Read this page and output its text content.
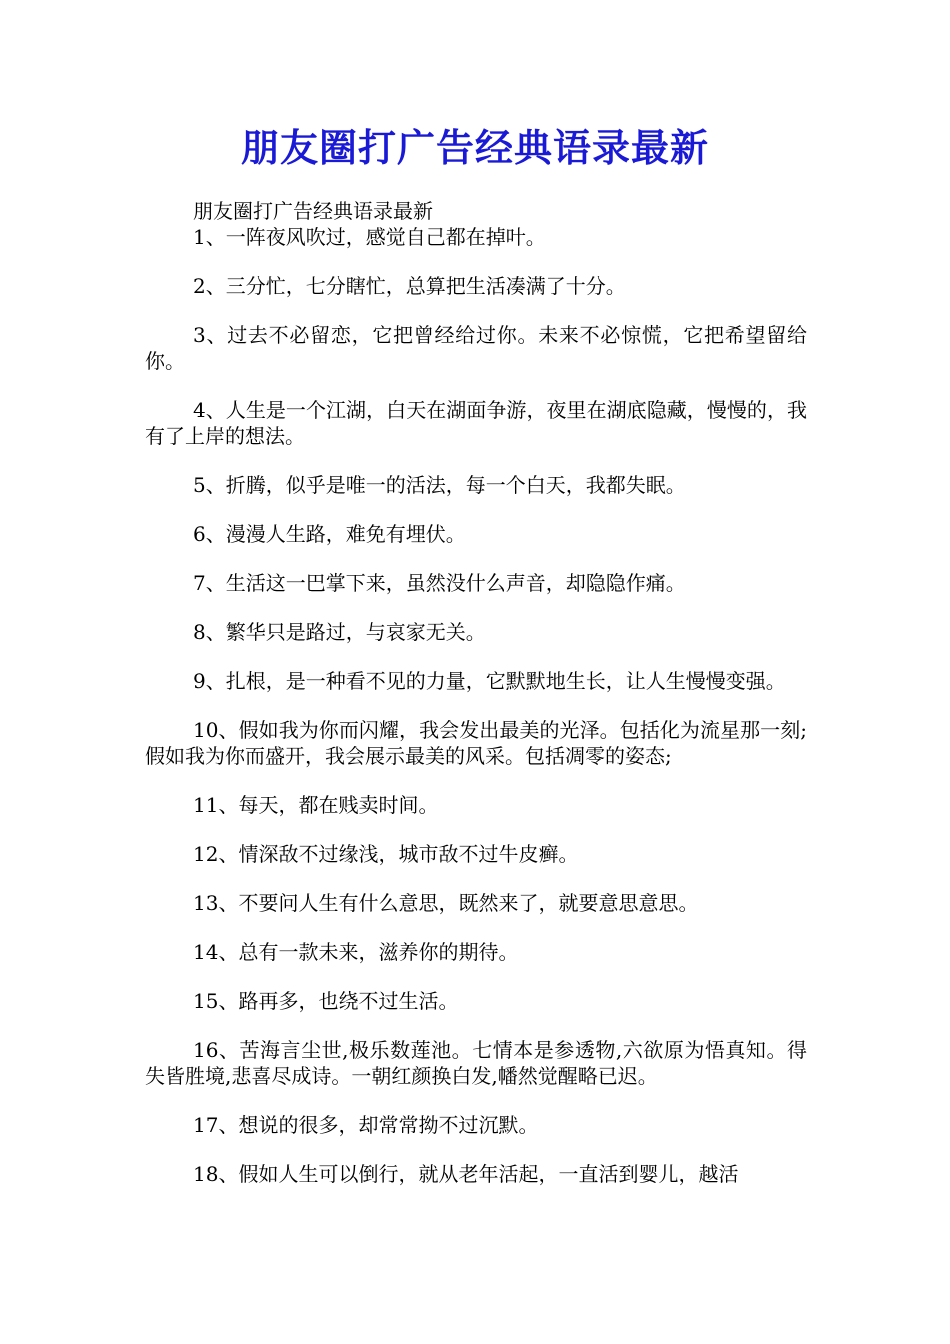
朋友圈打广告经典语录最新

朋友圈打广告经典语录最新

1、一阵夜风吹过，感觉自己都在掉叶。

2、三分忙，七分瞎忙，总算把生活凑满了十分。

3、过去不必留恋，它把曾经给过你。未来不必惊慌，它把希望留给你。

4、人生是一个江湖，白天在湖面争游，夜里在湖底隐藏，慢慢的，我有了上岸的想法。

5、折腾，似乎是唯一的活法，每一个白天，我都失眠。

6、漫漫人生路，难免有埋伏。

7、生活这一巴掌下来，虽然没什么声音，却隐隐作痛。

8、繁华只是路过，与哀家无关。

9、扎根，是一种看不见的力量，它默默地生长，让人生慢慢变强。

10、假如我为你而闪耀，我会发出最美的光泽。包括化为流星那一刻;假如我为你而盛开，我会展示最美的风采。包括凋零的姿态;

11、每天，都在贱卖时间。

12、情深敌不过缘浅，城市敌不过牛皮癣。

13、不要问人生有什么意思，既然来了，就要意思意思。

14、总有一款未来，滋养你的期待。

15、路再多，也绕不过生活。

16、苦海言尘世,极乐数莲池。七情本是参透物,六欲原为悟真知。得失皆胜境,悲喜尽成诗。一朝红颜换白发,幡然觉醒略已迟。

17、想说的很多，却常常拗不过沉默。

18、假如人生可以倒行，就从老年活起，一直活到婴儿，越活
